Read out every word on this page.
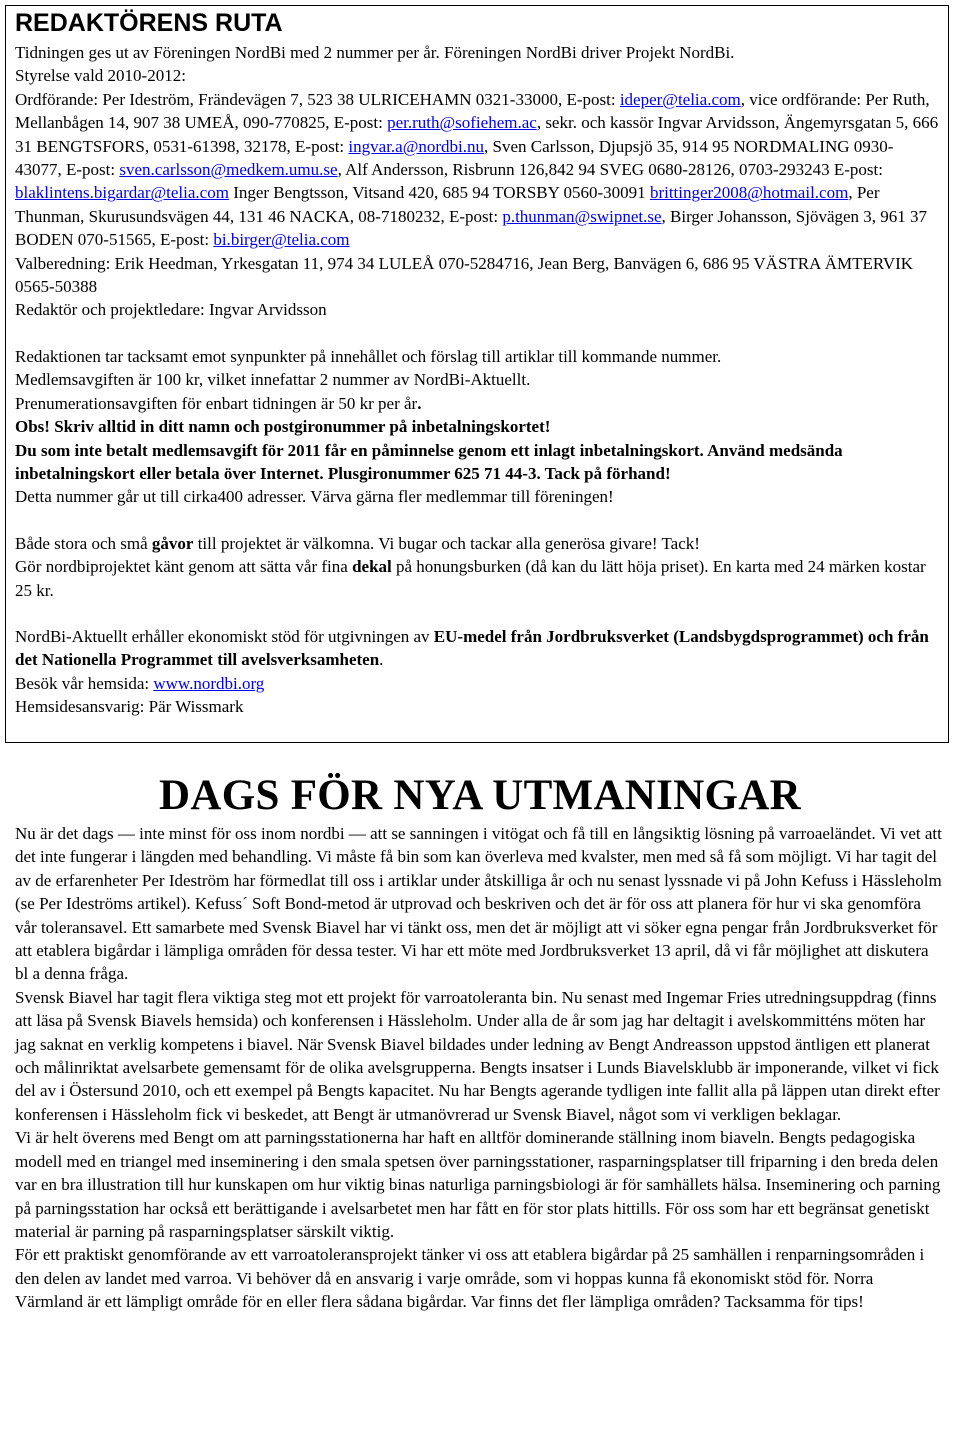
REDAKTÖRENS RUTA

Tidningen ges ut av Föreningen NordBi med 2 nummer per år. Föreningen NordBi driver Projekt NordBi.

Styrelse vald 2010-2012:

Ordförande: Per Ideström, Frändevägen 7, 523 38 ULRICEHAMN 0321-33000, E-post: ideper@telia.com, vice ordförande: Per Ruth, Mellanbågen 14, 907 38 UMEÅ, 090-770825, E-post: per.ruth@sofiehem.ac, sekr. och kassör Ingvar Arvidsson, Ängemyrsgatan 5, 666 31 BENGTSFORS, 0531-61398, 32178, E-post: ingvar.a@nordbi.nu, Sven Carlsson, Djupsjö 35, 914 95 NORDMALING 0930-43077, E-post: sven.carlsson@medkem.umu.se, Alf Andersson, Risbrunn 126,842 94 SVEG 0680-28126, 0703-293243 E-post: blaklintens.bigardar@telia.com Inger Bengtsson, Vitsand 420, 685 94 TORSBY 0560-30091 brittinger2008@hotmail.com, Per Thunman, Skurusundsvägen 44, 131 46 NACKA, 08-7180232, E-post: p.thunman@swipnet.se, Birger Johansson, Sjövägen 3, 961 37 BODEN 070-51565, E-post: bi.birger@telia.com

Valberedning: Erik Heedman, Yrkesgatan 11, 974 34 LULEÅ 070-5284716, Jean Berg, Banvägen 6, 686 95 VÄSTRA ÄMTERVIK 0565-50388

Redaktör och projektledare: Ingvar Arvidsson

Redaktionen tar tacksamt emot synpunkter på innehållet och förslag till artiklar till kommande nummer.

Medlemsavgiften är 100 kr, vilket innefattar 2 nummer av NordBi-Aktuellt.

Prenumerationsavgiften för enbart tidningen är 50 kr per år.

Obs! Skriv alltid in ditt namn och postgironummer på inbetalningskortet!

Du som inte betalt medlemsavgift för 2011 får en påminnelse genom ett inlagt inbetalningskort. Använd medsända inbetalningskort eller betala över Internet. Plusgironummer 625 71 44-3. Tack på förhand!

Detta nummer går ut till cirka400 adresser. Värva gärna fler medlemmar till föreningen!

Både stora och små gåvor till projektet är välkomna. Vi bugar och tackar alla generösa givare! Tack!

Gör nordbiprojektet känt genom att sätta vår fina dekal på honungsburken (då kan du lätt höja priset). En karta med 24 märken kostar 25 kr.

NordBi-Aktuellt erhåller ekonomiskt stöd för utgivningen av EU-medel från Jordbruksverket (Landsbygdsprogrammet) och från det Nationella Programmet till avelsverksamheten.

Besök vår hemsida: www.nordbi.org

Hemsidesansvarig: Pär Wissmark

DAGS FÖR NYA UTMANINGAR

Nu är det dags — inte minst för oss inom nordbi — att se sanningen i vitögat och få till en långsiktig lösning på varroaeländet. Vi vet att det inte fungerar i längden med behandling. Vi måste få bin som kan överleva med kvalster, men med så få som möjligt. Vi har tagit del av de erfarenheter Per Ideström har förmedlat till oss i artiklar under åtskilliga år och nu senast lyssnade vi på John Kefuss i Hässleholm (se Per Ideströms artikel). Kefuss´ Soft Bond-metod är utprovad och beskriven och det är för oss att planera för hur vi ska genomföra vår toleransavel. Ett samarbete med Svensk Biavel har vi tänkt oss, men det är möjligt att vi söker egna pengar från Jordbruksverket för att etablera bigårdar i lämpliga områden för dessa tester. Vi har ett möte med Jordbruksverket 13 april, då vi får möjlighet att diskutera bl a denna fråga.

Svensk Biavel har tagit flera viktiga steg mot ett projekt för varroatoleranta bin. Nu senast med Ingemar Fries utredningsuppdrag (finns att läsa på Svensk Biavels hemsida) och konferensen i Hässleholm. Under alla de år som jag har deltagit i avelskommitténs möten har jag saknat en verklig kompetens i biavel. När Svensk Biavel bildades under ledning av Bengt Andreasson uppstod äntligen ett planerat och målinriktat avelsarbete gemensamt för de olika avelsgrupperna. Bengts insatser i Lunds Biavelsklubb är imponerande, vilket vi fick del av i Östersund 2010, och ett exempel på Bengts kapacitet. Nu har Bengts agerande tydligen inte fallit alla på läppen utan direkt efter konferensen i Hässleholm fick vi beskedet, att Bengt är utmanövrerad ur Svensk Biavel, något som vi verkligen beklagar.

Vi är helt överens med Bengt om att parningsstationerna har haft en alltför dominerande ställning inom biaveln. Bengts pedagogiska modell med en triangel med inseminering i den smala spetsen över parningsstationer, rasparningsplatser till friparning i den breda delen var en bra illustration till hur kunskapen om hur viktig binas naturliga parningsbiologi är för samhällets hälsa. Inseminering och parning på parningsstation har också ett berättigande i avelsarbetet men har fått en för stor plats hittills. För oss som har ett begränsat genetiskt material är parning på rasparningsplatser särskilt viktig.

För ett praktiskt genomförande av ett varroatoleransprojekt tänker vi oss att etablera bigårdar på 25 samhällen i renparningsområden i den delen av landet med varroa. Vi behöver då en ansvarig i varje område, som vi hoppas kunna få ekonomiskt stöd för. Norra Värmland är ett lämpligt område för en eller flera sådana bigårdar. Var finns det fler lämpliga områden? Tacksamma för tips!
